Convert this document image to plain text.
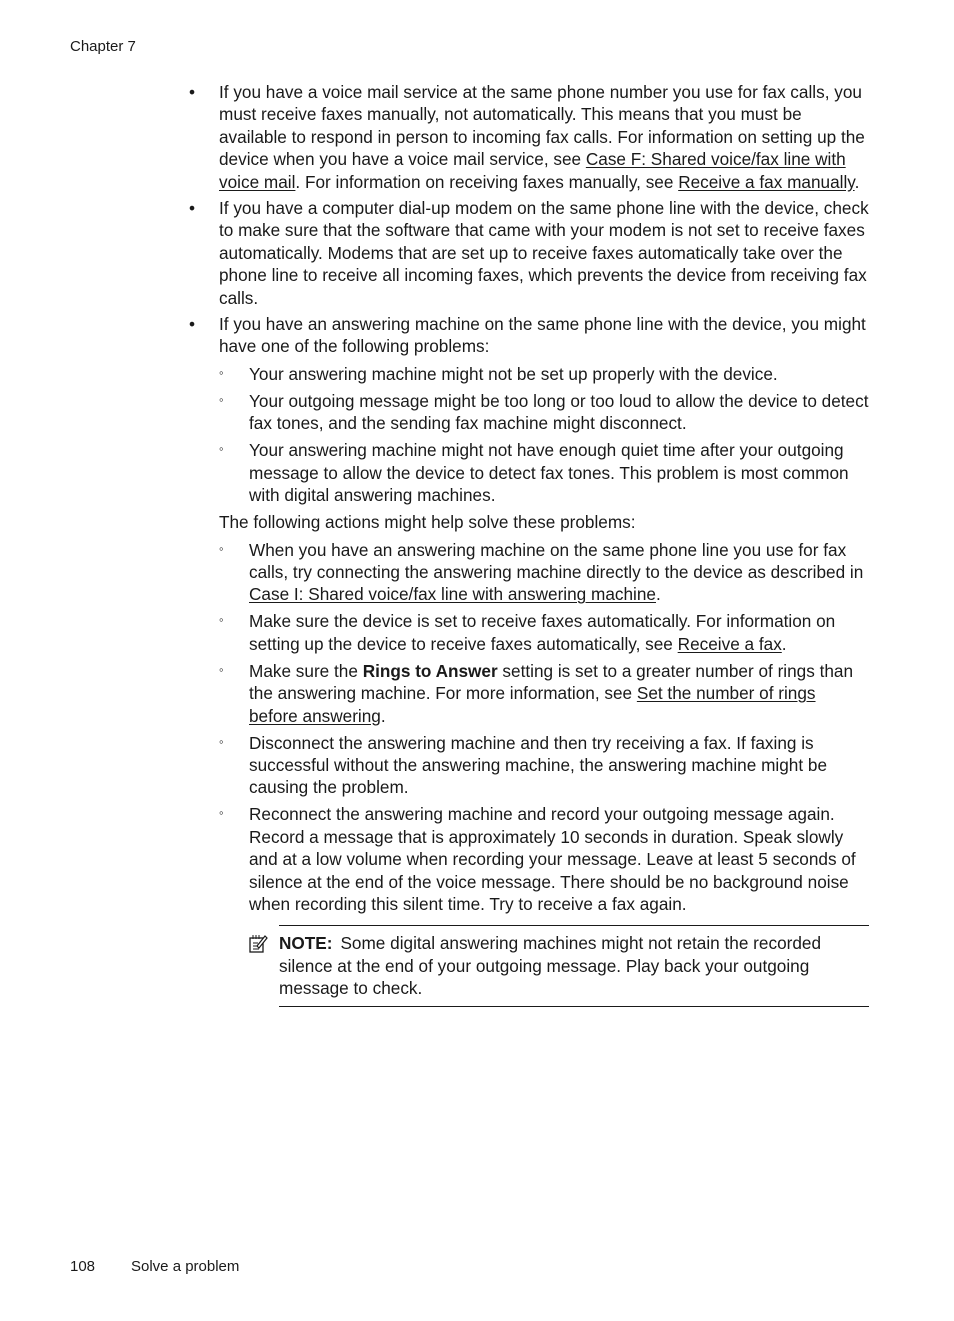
Chapter 7
• If you have a voice mail service at the same phone number you use for fax calls, you must receive faxes manually, not automatically. This means that you must be available to respond in person to incoming fax calls. For information on setting up the device when you have a voice mail service, see Case F: Shared voice/fax line with voice mail. For information on receiving faxes manually, see Receive a fax manually.
• If you have a computer dial-up modem on the same phone line with the device, check to make sure that the software that came with your modem is not set to receive faxes automatically. Modems that are set up to receive faxes automatically take over the phone line to receive all incoming faxes, which prevents the device from receiving fax calls.
• If you have an answering machine on the same phone line with the device, you might have one of the following problems:
◦ Your answering machine might not be set up properly with the device.
◦ Your outgoing message might be too long or too loud to allow the device to detect fax tones, and the sending fax machine might disconnect.
◦ Your answering machine might not have enough quiet time after your outgoing message to allow the device to detect fax tones. This problem is most common with digital answering machines.
The following actions might help solve these problems:
◦ When you have an answering machine on the same phone line you use for fax calls, try connecting the answering machine directly to the device as described in Case I: Shared voice/fax line with answering machine.
◦ Make sure the device is set to receive faxes automatically. For information on setting up the device to receive faxes automatically, see Receive a fax.
◦ Make sure the Rings to Answer setting is set to a greater number of rings than the answering machine. For more information, see Set the number of rings before answering.
◦ Disconnect the answering machine and then try receiving a fax. If faxing is successful without the answering machine, the answering machine might be causing the problem.
◦ Reconnect the answering machine and record your outgoing message again. Record a message that is approximately 10 seconds in duration. Speak slowly and at a low volume when recording your message. Leave at least 5 seconds of silence at the end of the voice message. There should be no background noise when recording this silent time. Try to receive a fax again.
NOTE: Some digital answering machines might not retain the recorded silence at the end of your outgoing message. Play back your outgoing message to check.
108 Solve a problem
